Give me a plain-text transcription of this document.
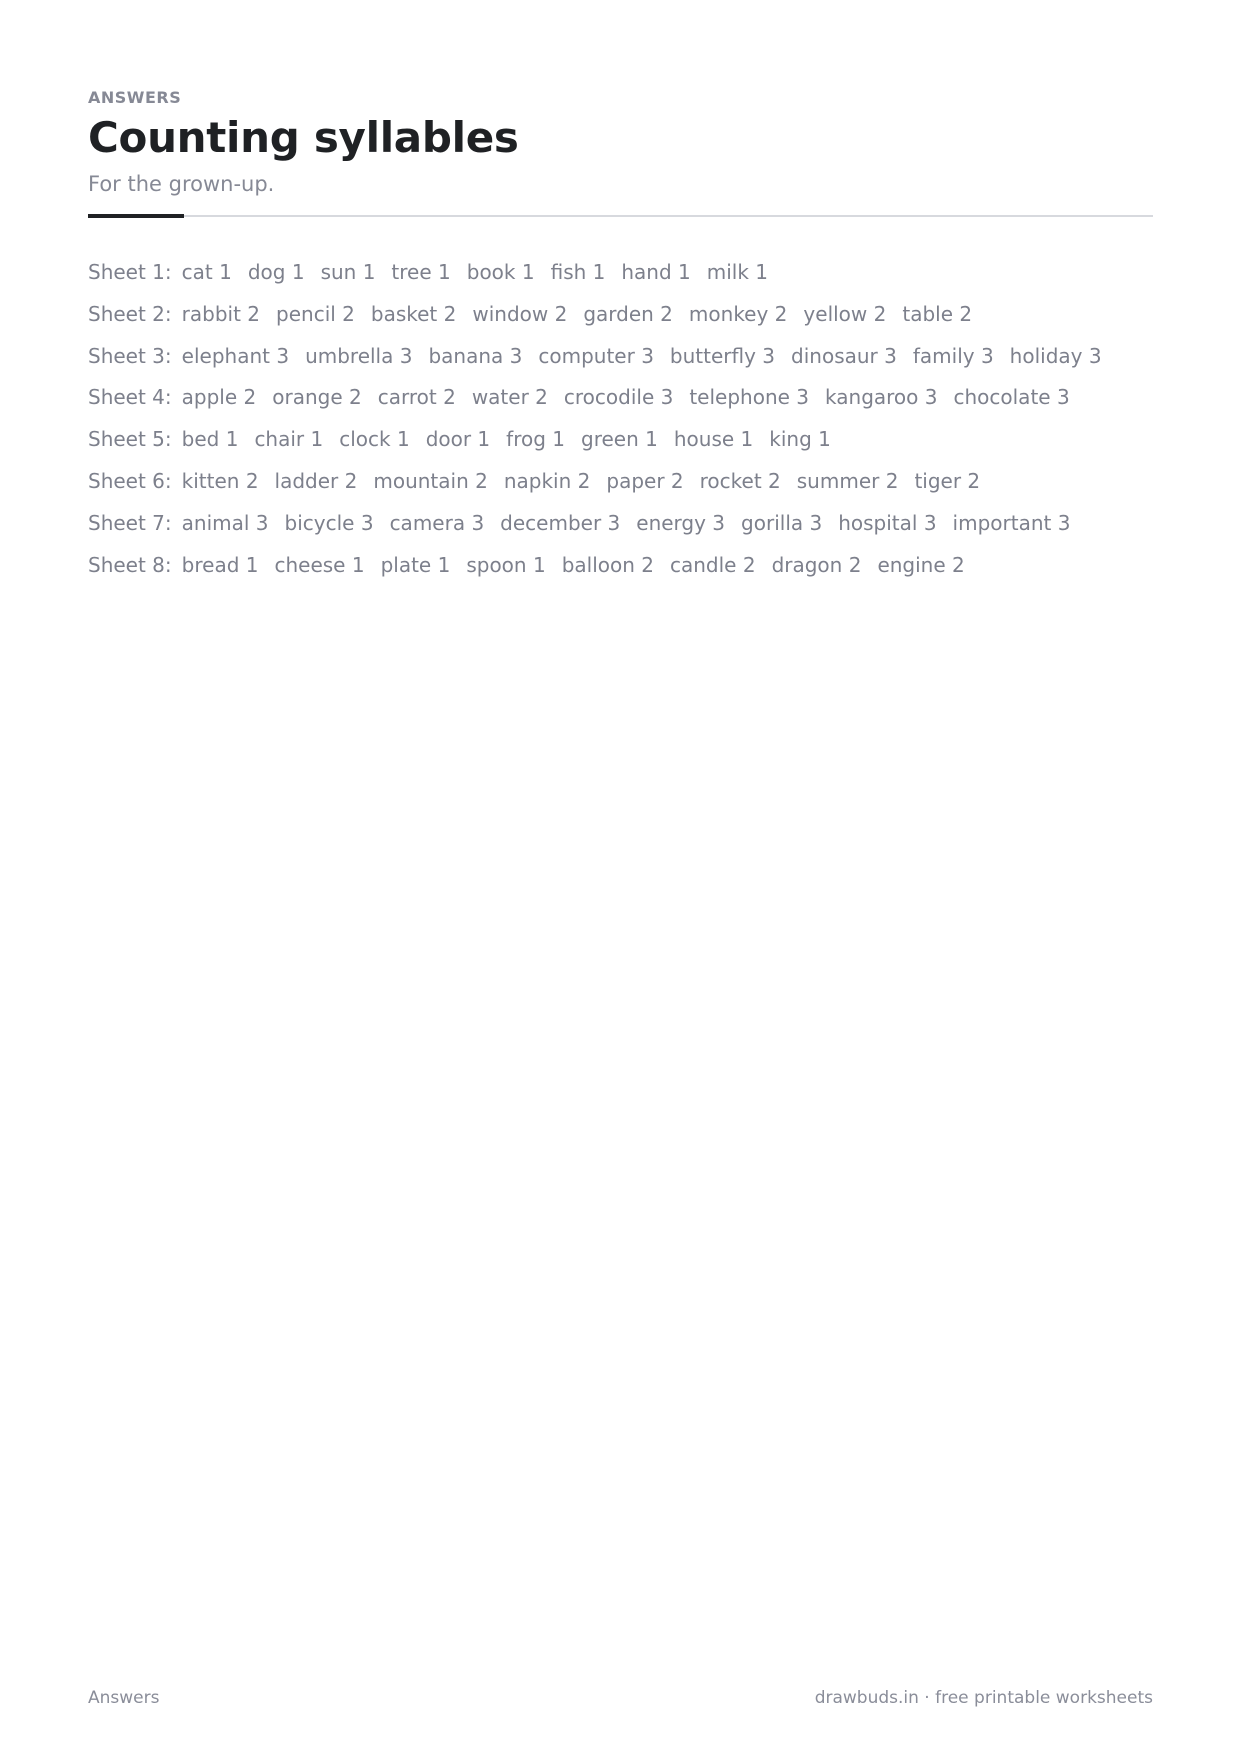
ANSWERS
Counting syllables
For the grown-up.
Sheet 1: cat 1 dog 1 sun 1 tree 1 book 1 fish 1 hand 1 milk 1
Sheet 2: rabbit 2 pencil 2 basket 2 window 2 garden 2 monkey 2 yellow 2 table 2
Sheet 3: elephant 3 umbrella 3 banana 3 computer 3 butterfly 3 dinosaur 3 family 3 holiday 3
Sheet 4: apple 2 orange 2 carrot 2 water 2 crocodile 3 telephone 3 kangaroo 3 chocolate 3
Sheet 5: bed 1 chair 1 clock 1 door 1 frog 1 green 1 house 1 king 1
Sheet 6: kitten 2 ladder 2 mountain 2 napkin 2 paper 2 rocket 2 summer 2 tiger 2
Sheet 7: animal 3 bicycle 3 camera 3 december 3 energy 3 gorilla 3 hospital 3 important 3
Sheet 8: bread 1 cheese 1 plate 1 spoon 1 balloon 2 candle 2 dragon 2 engine 2
Answers	drawbuds.in · free printable worksheets
